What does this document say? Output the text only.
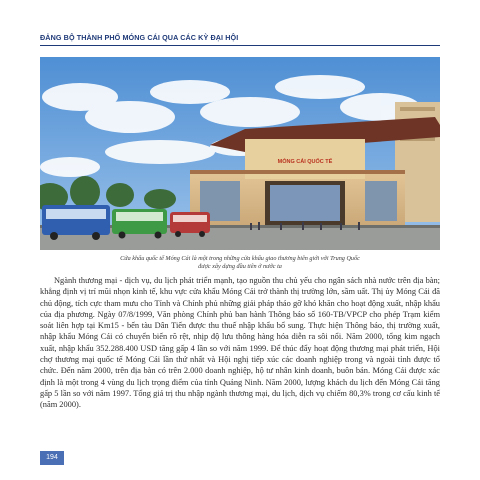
ĐẢNG BỘ THÀNH PHỐ MÓNG CÁI QUA CÁC KỲ ĐẠI HỘI
MÓNG CÁI QUỐC TẾ
Cửa khẩu quốc tế Móng Cái là một trong những cửa khẩu giao thương biên giới với Trung Quốc
được xây dựng đầu tiên ở nước ta

Ngành thương mại - dịch vụ, du lịch phát triển mạnh, tạo nguồn thu chủ yếu cho ngân sách nhà nước trên địa bàn; khẳng định vị trí mũi nhọn kinh tế, khu vực cửa khẩu Móng Cái trở thành thị trường lớn, sầm uất. Thị ủy Móng Cái đã chủ động, tích cực tham mưu cho Tỉnh và Chính phủ những giải pháp tháo gỡ khó khăn cho hoạt động xuất, nhập khẩu của địa phương. Ngày 07/8/1999, Văn phòng Chính phủ ban hành Thông báo số 160-TB/VPCP cho phép Trạm kiểm soát liên hợp tại Km15 - bến tàu Dân Tiến được thu thuế nhập khẩu bổ sung. Thực hiện Thông báo, thị trường xuất, nhập khẩu Móng Cái có chuyển biến rõ rệt, nhịp độ lưu thông hàng hóa diễn ra sôi nổi. Năm 2000, tổng kim ngạch xuất, nhập khẩu 352.288.400 USD tăng gấp 4 lần so với năm 1999. Để thúc đẩy hoạt động thương mại phát triển, Hội chợ thương mại quốc tế Móng Cái lần thứ nhất và Hội nghị tiếp xúc các doanh nghiệp trong và ngoài tỉnh được tổ chức. Đến năm 2000, trên địa bàn có trên 2.000 doanh nghiệp, hộ tư nhân kinh doanh, buôn bán. Móng Cái được xác định là một trong 4 vùng du lịch trọng điểm của tỉnh Quảng Ninh. Năm 2000, lượng khách du lịch đến Móng Cái tăng gấp 5 lần so với năm 1997. Tổng giá trị thu nhập ngành thương mại, du lịch, dịch vụ chiếm 80,3% trong cơ cấu kinh tế (năm 2000).

194
